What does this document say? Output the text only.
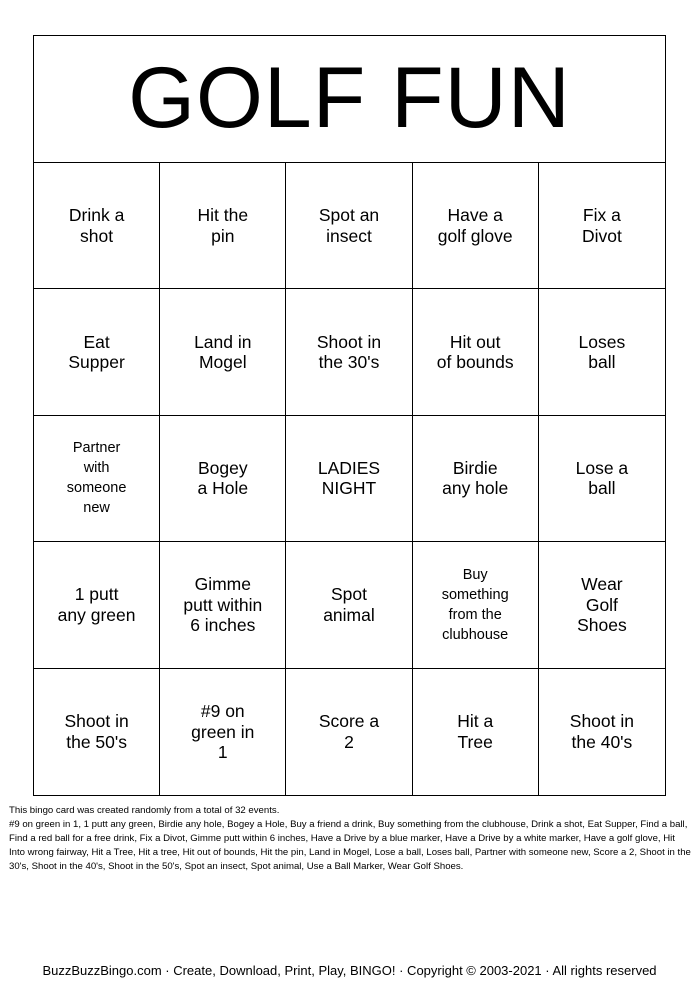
GOLF FUN
Drink a
shot
Hit the
pin
Spot an
insect
Have a
golf glove
Fix a
Divot
Eat
Supper
Land in
Mogel
Shoot in
the 30's
Hit out
of bounds
Loses
ball
Partner
with
someone
new
Bogey
a Hole
LADIES
NIGHT
Birdie
any hole
Lose a
ball
1 putt
any green
Gimme
putt within
6 inches
Spot
animal
Buy
something
from the
clubhouse
Wear
Golf
Shoes
Shoot in
the 50's
#9 on
green in
1
Score a
2
Hit a
Tree
Shoot in
the 40's

This bingo card was created randomly from a total of 32 events.

#9 on green in 1, 1 putt any green, Birdie any hole, Bogey a Hole, Buy a friend a drink, Buy something from the clubhouse, Drink a shot, Eat Supper, Find a ball, Find a red ball for a free drink, Fix a Divot, Gimme putt within 6 inches, Have a Drive by a blue marker, Have a Drive by a white marker, Have a golf glove, Hit Into wrong fairway, Hit a Tree, Hit a tree, Hit out of bounds, Hit the pin, Land in Mogel, Lose a ball, Loses ball, Partner with someone new, Score a 2, Shoot in the 30's, Shoot in the 40's, Shoot in the 50's, Spot an insect, Spot animal, Use a Ball Marker, Wear Golf Shoes.

BuzzBuzzBingo.com · Create, Download, Print, Play, BINGO! · Copyright © 2003-2021 · All rights reserved
